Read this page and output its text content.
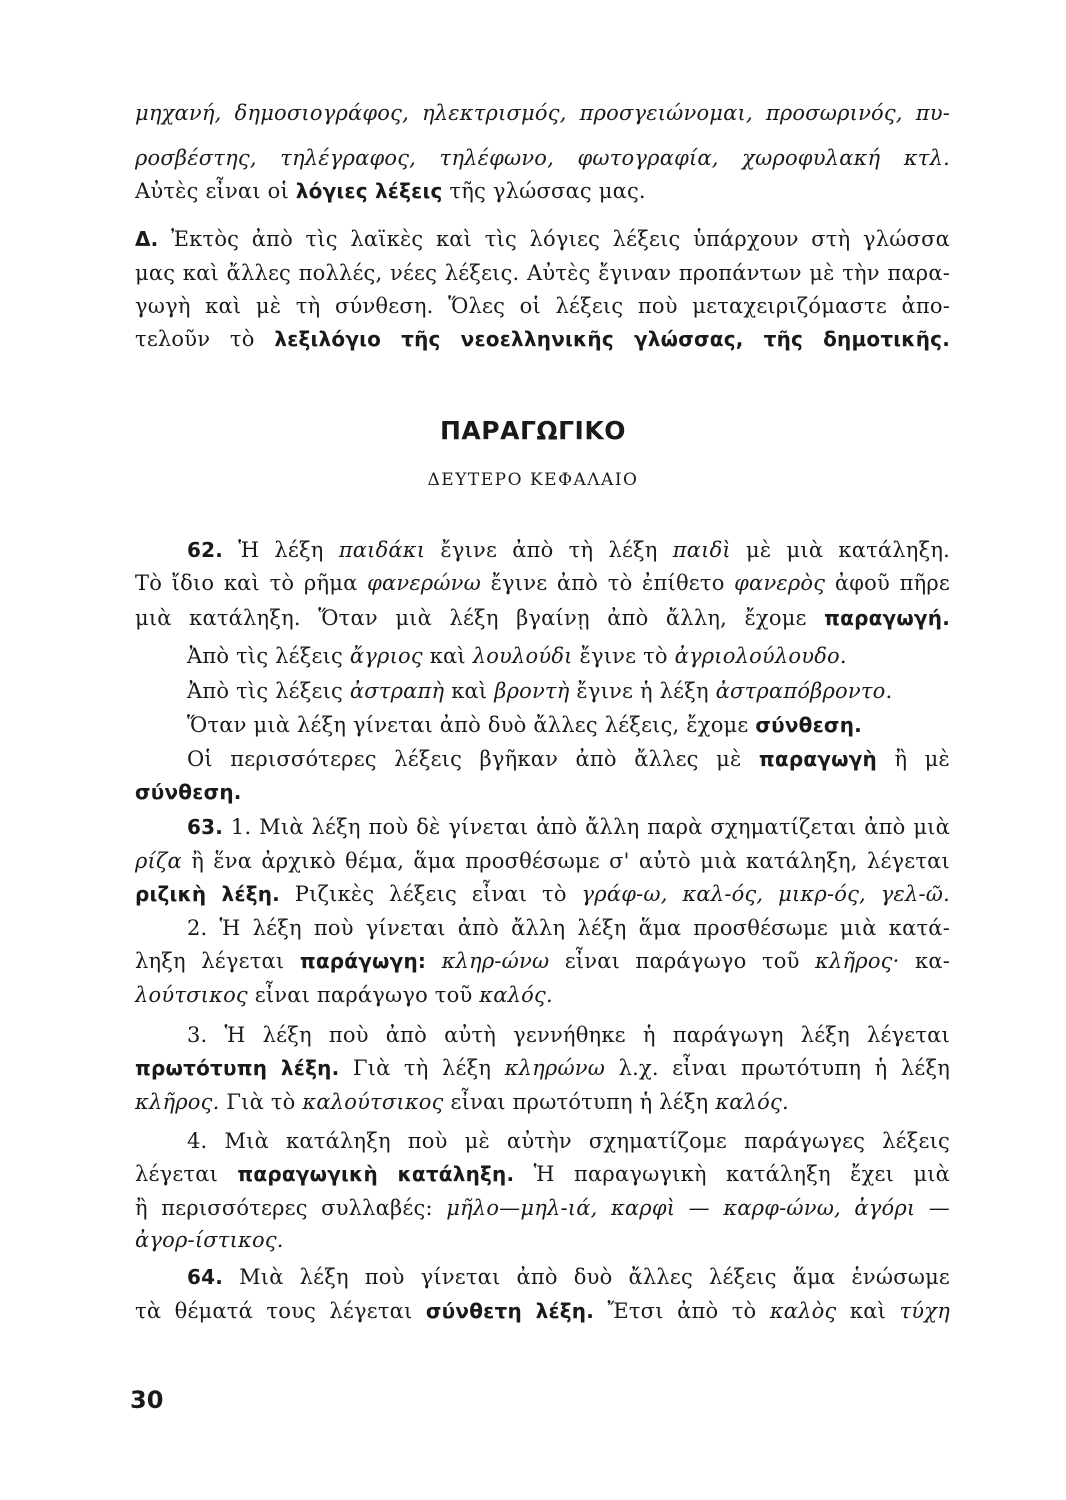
μηχανή, δημοσιογράφος, ηλεκτρισμός, προσγειώνομαι, προσωρινός, πυ-
ροσβέστης, τηλέγραφος, τηλέφωνο, φωτογραφία, χωροφυλακή κτλ.
Αὐτὲς εἶναι οἱ λόγιες λέξεις τῆς γλώσσας μας.
Δ. Ἐκτὸς ἀπὸ τὶς λαϊκὲς καὶ τὶς λόγιες λέξεις ὑπάρχουν στὴ γλώσσα
μας καὶ ἄλλες πολλές, νέες λέξεις. Αὐτὲς ἔγιναν προπάντων μὲ τὴν παρα-
γωγὴ καὶ μὲ τὴ σύνθεση. Ὅλες οἱ λέξεις ποὺ μεταχειριζόμαστε ἀπο-
τελοῦν τὸ λεξιλόγιο τῆς νεοελληνικῆς γλώσσας, τῆς δημοτικῆς.
ΠΑΡΑΓΩΓΙΚΟ
ΔΕΥΤΕΡΟ ΚΕΦΑΛΑΙΟ
62. Ἡ λέξη παιδάκι ἔγινε ἀπὸ τὴ λέξη παιδὶ μὲ μιὰ κατάληξη.
Τὸ ἴδιο καὶ τὸ ρῆμα φανερώνω ἔγινε ἀπὸ τὸ ἐπίθετο φανερὸς ἀφοῦ πῆρε
μιὰ κατάληξη. Ὅταν μιὰ λέξη βγαίνῃ ἀπὸ ἄλλη, ἔχομε παραγωγή.
Ἀπὸ τὶς λέξεις ἄγριος καὶ λουλούδι ἔγινε τὸ ἀγριολούλουδο.
Ἀπὸ τὶς λέξεις ἀστραπὴ καὶ βροντὴ ἔγινε ἡ λέξη ἀστραπόβροντο.
Ὅταν μιὰ λέξη γίνεται ἀπὸ δυὸ ἄλλες λέξεις, ἔχομε σύνθεση.
Οἱ περισσότερες λέξεις βγῆκαν ἀπὸ ἄλλες μὲ παραγωγὴ ἢ μὲ
σύνθεση.
63. 1. Μιὰ λέξη ποὺ δὲ γίνεται ἀπὸ ἄλλη παρὰ σχηματίζεται ἀπὸ μιὰ
ρίζα ἢ ἕνα ἀρχικὸ θέμα, ἅμα προσθέσωμε σ' αὐτὸ μιὰ κατάληξη, λέγεται
ριζικὴ λέξη. Ριζικὲς λέξεις εἶναι τὸ γράφ-ω, καλ-ός, μικρ-ός, γελ-ῶ.
2. Ἡ λέξη ποὺ γίνεται ἀπὸ ἄλλη λέξη ἅμα προσθέσωμε μιὰ κατά-
ληξη λέγεται παράγωγη: κληρ-ώνω εἶναι παράγωγο τοῦ κλῆρος· κα-
λούτσικος εἶναι παράγωγο τοῦ καλός.
3. Ἡ λέξη ποὺ ἀπὸ αὐτὴ γεννήθηκε ἡ παράγωγη λέξη λέγεται
πρωτότυπη λέξη. Γιὰ τὴ λέξη κληρώνω λ.χ. εἶναι πρωτότυπη ἡ λέξη
κλῆρος. Γιὰ τὸ καλούτσικος εἶναι πρωτότυπη ἡ λέξη καλός.
4. Μιὰ κατάληξη ποὺ μὲ αὐτὴν σχηματίζομε παράγωγες λέξεις
λέγεται παραγωγικὴ κατάληξη. Ἡ παραγωγικὴ κατάληξη ἔχει μιὰ
ἢ περισσότερες συλλαβές: μῆλο—μηλ-ιά, καρφὶ — καρφ-ώνω, ἀγόρι —
ἀγορ-ίστικος.
64. Μιὰ λέξη ποὺ γίνεται ἀπὸ δυὸ ἄλλες λέξεις ἅμα ἑνώσωμε
τὰ θέματά τους λέγεται σύνθετη λέξη. Ἔτσι ἀπὸ τὸ καλὸς καὶ τύχη
30
